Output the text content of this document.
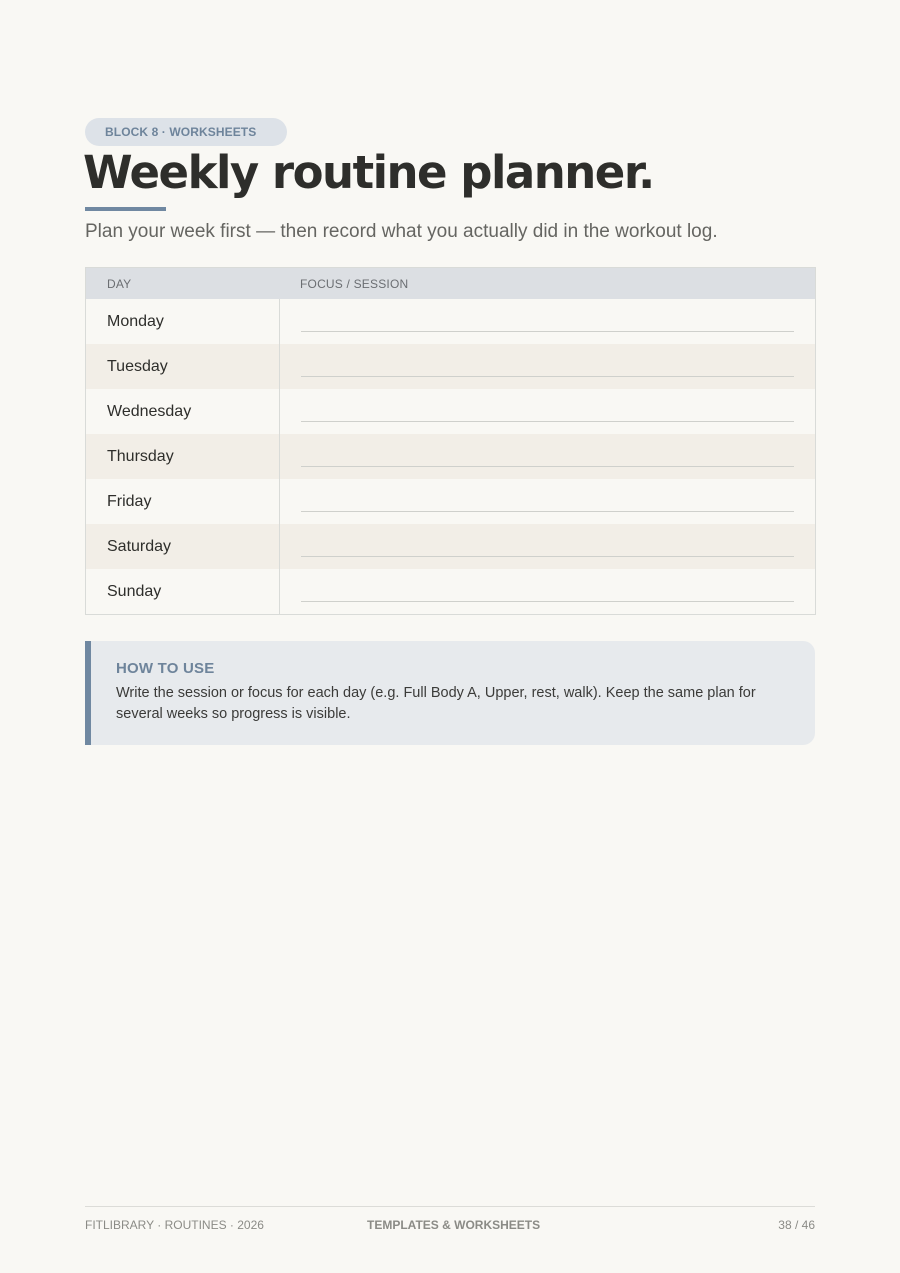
BLOCK 8 · WORKSHEETS
Weekly routine planner.
Plan your week first — then record what you actually did in the workout log.
DAY	FOCUS / SESSION
Monday	

Tuesday	

Wednesday	

Thursday	

Friday	

Saturday	

Sunday	
HOW TO USE
Write the session or focus for each day (e.g. Full Body A, Upper, rest, walk). Keep the same plan for several weeks so progress is visible.
FITLIBRARY · ROUTINES · 2026	TEMPLATES & WORKSHEETS	38 / 46
